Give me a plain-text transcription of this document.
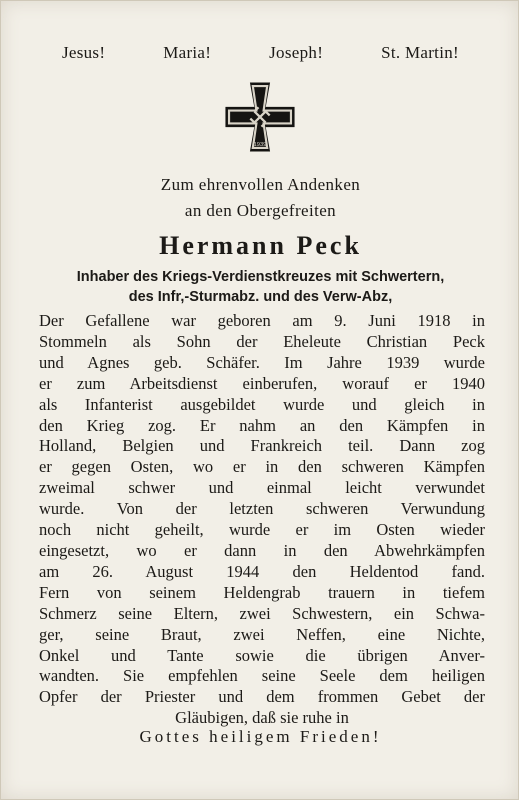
Jesus!	Maria!	Joseph!	St. Martin!
1939
Zum ehrenvollen Andenken
an den Obergefreiten
Hermann Peck
Inhaber des Kriegs-Verdienstkreuzes mit Schwertern,
des Infr,-Sturmabz. und des Verw-Abz,
Der Gefallene war geboren am 9. Juni 1918 in
Stommeln als Sohn der Eheleute Christian Peck
und Agnes geb. Schäfer. Im Jahre 1939 wurde
er zum Arbeitsdienst einberufen, worauf er 1940
als Infanterist ausgebildet wurde und gleich in
den Krieg zog. Er nahm an den Kämpfen in
Holland, Belgien und Frankreich teil. Dann zog
er gegen Osten, wo er in den schweren Kämpfen
zweimal schwer und einmal leicht verwundet
wurde. Von der letzten schweren Verwundung
noch nicht geheilt, wurde er im Osten wieder
eingesetzt, wo er dann in den Abwehrkämpfen
am 26. August 1944 den Heldentod fand.
Fern von seinem Heldengrab trauern in tiefem
Schmerz seine Eltern, zwei Schwestern, ein Schwa-
ger, seine Braut, zwei Neffen, eine Nichte,
Onkel und Tante sowie die übrigen Anver-
wandten. Sie empfehlen seine Seele dem heiligen
Opfer der Priester und dem frommen Gebet der
Gläubigen, daß sie ruhe in
Gottes heiligem Frieden!
